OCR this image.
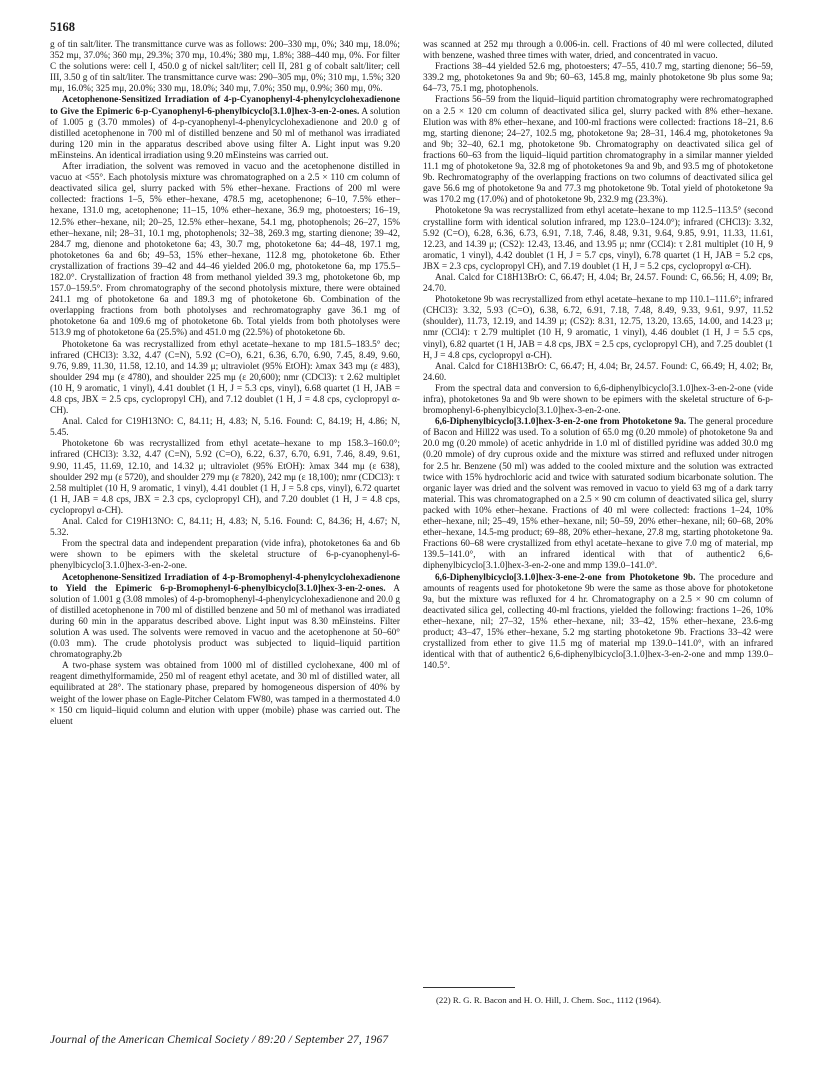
5168

g of tin salt/liter. The transmittance curve was as follows: 200–330 mμ, 0%; 340 mμ, 18.0%; 352 mμ, 37.0%; 360 mμ, 29.3%; 370 mμ, 10.4%; 380 mμ, 1.8%; 388–440 mμ, 0%. For filter C the solutions were: cell I, 450.0 g of nickel salt/liter; cell II, 281 g of cobalt salt/liter; cell III, 3.50 g of tin salt/liter. The transmittance curve was: 290–305 mμ, 0%; 310 mμ, 1.5%; 320 mμ, 16.0%; 325 mμ, 20.0%; 330 mμ, 18.0%; 340 mμ, 7.0%; 350 mμ, 0.9%; 360 mμ, 0%.

Acetophenone-Sensitized Irradiation of 4-p-Cyanophenyl-4-phenylcyclohexadienone to Give the Epimeric 6-p-Cyanophenyl-6-phenylbicyclo[3.1.0]hex-3-en-2-ones. A solution of 1.005 g (3.70 mmoles) of 4-p-cyanophenyl-4-phenylcyclohexadienone and 20.0 g of distilled acetophenone in 700 ml of distilled benzene and 50 ml of methanol was irradiated during 120 min in the apparatus described above using filter A. Light input was 9.20 mEinsteins. An identical irradiation using 9.20 mEinsteins was carried out.

After irradiation, the solvent was removed in vacuo and the acetophenone distilled in vacuo at <55°. Each photolysis mixture was chromatographed on a 2.5 × 110 cm column of deactivated silica gel, slurry packed with 5% ether–hexane. Fractions of 200 ml were collected: fractions 1–5, 5% ether–hexane, 478.5 mg, acetophenone; 6–10, 7.5% ether–hexane, 131.0 mg, acetophenone; 11–15, 10% ether–hexane, 36.9 mg, photoesters; 16–19, 12.5% ether–hexane, nil; 20–25, 12.5% ether–hexane, 54.1 mg, photophenols; 26–27, 15% ether–hexane, nil; 28–31, 10.1 mg, photophenols; 32–38, 269.3 mg, starting dienone; 39–42, 284.7 mg, dienone and photoketone 6a; 43, 30.7 mg, photoketone 6a; 44–48, 197.1 mg, photoketones 6a and 6b; 49–53, 15% ether–hexane, 112.8 mg, photoketone 6b. Ether crystallization of fractions 39–42 and 44–46 yielded 206.0 mg, photoketone 6a, mp 175.5–182.0°. Crystallization of fraction 48 from methanol yielded 39.3 mg, photoketone 6b, mp 157.0–159.5°. From chromatography of the second photolysis mixture, there were obtained 241.1 mg of photoketone 6a and 189.3 mg of photoketone 6b. Combination of the overlapping fractions from both photolyses and rechromatography gave 36.1 mg of photoketone 6a and 109.6 mg of photoketone 6b. Total yields from both photolyses were 513.9 mg of photoketone 6a (25.5%) and 451.0 mg (22.5%) of photoketone 6b.

Photoketone 6a was recrystallized from ethyl acetate–hexane to mp 181.5–183.5° dec; infrared (CHCl3): 3.32, 4.47 (C≡N), 5.92 (C=O), 6.21, 6.36, 6.70, 6.90, 7.45, 8.49, 9.60, 9.76, 9.89, 11.30, 11.58, 12.10, and 14.39 μ; ultraviolet (95% EtOH): λmax 343 mμ (ε 483), shoulder 294 mμ (ε 4780), and shoulder 225 mμ (ε 20,600); nmr (CDCl3): τ 2.62 multiplet (10 H, 9 aromatic, 1 vinyl), 4.41 doublet (1 H, J = 5.3 cps, vinyl), 6.68 quartet (1 H, JAB = 4.8 cps, JBX = 2.5 cps, cyclopropyl CH), and 7.12 doublet (1 H, J = 4.8 cps, cyclopropyl α-CH).

Anal. Calcd for C19H13NO: C, 84.11; H, 4.83; N, 5.16. Found: C, 84.19; H, 4.86; N, 5.45.

Photoketone 6b was recrystallized from ethyl acetate–hexane to mp 158.3–160.0°; infrared (CHCl3): 3.32, 4.47 (C≡N), 5.92 (C=O), 6.22, 6.37, 6.70, 6.91, 7.46, 8.49, 9.61, 9.90, 11.45, 11.69, 12.10, and 14.32 μ; ultraviolet (95% EtOH): λmax 344 mμ (ε 638), shoulder 292 mμ (ε 5720), and shoulder 279 mμ (ε 7820), 242 mμ (ε 18,100); nmr (CDCl3): τ 2.58 multiplet (10 H, 9 aromatic, 1 vinyl), 4.41 doublet (1 H, J = 5.8 cps, vinyl), 6.72 quartet (1 H, JAB = 4.8 cps, JBX = 2.3 cps, cyclopropyl CH), and 7.20 doublet (1 H, J = 4.8 cps, cyclopropyl α-CH).

Anal. Calcd for C19H13NO: C, 84.11; H, 4.83; N, 5.16. Found: C, 84.36; H, 4.67; N, 5.32.

From the spectral data and independent preparation (vide infra), photoketones 6a and 6b were shown to be epimers with the skeletal structure of 6-p-cyanophenyl-6-phenylbicyclo[3.1.0]hex-3-en-2-one.

Acetophenone-Sensitized Irradiation of 4-p-Bromophenyl-4-phenylcyclohexadienone to Yield the Epimeric 6-p-Bromophenyl-6-phenylbicyclo[3.1.0]hex-3-en-2-ones. A solution of 1.001 g (3.08 mmoles) of 4-p-bromophenyl-4-phenylcyclohexadienone and 20.0 g of distilled acetophenone in 700 ml of distilled benzene and 50 ml of methanol was irradiated during 60 min in the apparatus described above. Light input was 8.30 mEinsteins. Filter solution A was used. The solvents were removed in vacuo and the acetophenone at 50–60° (0.03 mm). The crude photolysis product was subjected to liquid–liquid partition chromatography.2b

A two-phase system was obtained from 1000 ml of distilled cyclohexane, 400 ml of reagent dimethylformamide, 250 ml of reagent ethyl acetate, and 30 ml of distilled water, all equilibrated at 28°. The stationary phase, prepared by homogeneous dispersion of 40% by weight of the lower phase on Eagle-Pitcher Celatom FW80, was tamped in a thermostated 4.0 × 150 cm liquid–liquid column and elution with upper (mobile) phase was carried out. The eluent

was scanned at 252 mμ through a 0.006-in. cell. Fractions of 40 ml were collected, diluted with benzene, washed three times with water, dried, and concentrated in vacuo.

Fractions 38–44 yielded 52.6 mg, photoesters; 47–55, 410.7 mg, starting dienone; 56–59, 339.2 mg, photoketones 9a and 9b; 60–63, 145.8 mg, mainly photoketone 9b plus some 9a; 64–73, 75.1 mg, photophenols.

Fractions 56–59 from the liquid–liquid partition chromatography were rechromatographed on a 2.5 × 120 cm column of deactivated silica gel, slurry packed with 8% ether–hexane. Elution was with 8% ether–hexane, and 100-ml fractions were collected: fractions 18–21, 8.6 mg, starting dienone; 24–27, 102.5 mg, photoketone 9a; 28–31, 146.4 mg, photoketones 9a and 9b; 32–40, 62.1 mg, photoketone 9b. Chromatography on deactivated silica gel of fractions 60–63 from the liquid–liquid partition chromatography in a similar manner yielded 11.1 mg of photoketone 9a, 32.8 mg of photoketones 9a and 9b, and 93.5 mg of photoketone 9b. Rechromatography of the overlapping fractions on two columns of deactivated silica gel gave 56.6 mg of photoketone 9a and 77.3 mg photoketone 9b. Total yield of photoketone 9a was 170.2 mg (17.0%) and of photoketone 9b, 232.9 mg (23.3%).

Photoketone 9a was recrystallized from ethyl acetate–hexane to mp 112.5–113.5° (second crystalline form with identical solution infrared, mp 123.0–124.0°); infrared (CHCl3): 3.32, 5.92 (C=O), 6.28, 6.36, 6.73, 6.91, 7.18, 7.46, 8.48, 9.31, 9.64, 9.85, 9.91, 11.33, 11.61, 12.23, and 14.39 μ; (CS2): 12.43, 13.46, and 13.95 μ; nmr (CCl4): τ 2.81 multiplet (10 H, 9 aromatic, 1 vinyl), 4.42 doublet (1 H, J = 5.7 cps, vinyl), 6.78 quartet (1 H, JAB = 5.2 cps, JBX = 2.3 cps, cyclopropyl CH), and 7.19 doublet (1 H, J = 5.2 cps, cyclopropyl α-CH).

Anal. Calcd for C18H13BrO: C, 66.47; H, 4.04; Br, 24.57. Found: C, 66.56; H, 4.09; Br, 24.70.

Photoketone 9b was recrystallized from ethyl acetate–hexane to mp 110.1–111.6°; infrared (CHCl3): 3.32, 5.93 (C=O), 6.38, 6.72, 6.91, 7.18, 7.48, 8.49, 9.33, 9.61, 9.97, 11.52 (shoulder), 11.73, 12.19, and 14.39 μ; (CS2): 8.31, 12.75, 13.20, 13.65, 14.00, and 14.23 μ; nmr (CCl4): τ 2.79 multiplet (10 H, 9 aromatic, 1 vinyl), 4.46 doublet (1 H, J = 5.5 cps, vinyl), 6.82 quartet (1 H, JAB = 4.8 cps, JBX = 2.5 cps, cyclopropyl CH), and 7.25 doublet (1 H, J = 4.8 cps, cyclopropyl α-CH).

Anal. Calcd for C18H13BrO: C, 66.47; H, 4.04; Br, 24.57. Found: C, 66.49; H, 4.02; Br, 24.60.

From the spectral data and conversion to 6,6-diphenylbicyclo[3.1.0]hex-3-en-2-one (vide infra), photoketones 9a and 9b were shown to be epimers with the skeletal structure of 6-p-bromophenyl-6-phenylbicyclo[3.1.0]hex-3-en-2-one.

6,6-Diphenylbicyclo[3.1.0]hex-3-en-2-one from Photoketone 9a. The general procedure of Bacon and Hill22 was used. To a solution of 65.0 mg (0.20 mmole) of photoketone 9a and 20.0 mg (0.20 mmole) of acetic anhydride in 1.0 ml of distilled pyridine was added 30.0 mg (0.20 mmole) of dry cuprous oxide and the mixture was stirred and refluxed under nitrogen for 2.5 hr. Benzene (50 ml) was added to the cooled mixture and the solution was extracted twice with 15% hydrochloric acid and twice with saturated sodium bicarbonate solution. The organic layer was dried and the solvent was removed in vacuo to yield 63 mg of a dark tarry material. This was chromatographed on a 2.5 × 90 cm column of deactivated silica gel, slurry packed with 10% ether–hexane. Fractions of 40 ml were collected: fractions 1–24, 10% ether–hexane, nil; 25–49, 15% ether–hexane, nil; 50–59, 20% ether–hexane, nil; 60–68, 20% ether–hexane, 14.5-mg product; 69–88, 20% ether–hexane, 27.8 mg, starting photoketone 9a. Fractions 60–68 were crystallized from ethyl acetate–hexane to give 7.0 mg of material, mp 139.5–141.0°, with an infrared identical with that of authentic2 6,6-diphenylbicyclo[3.1.0]hex-3-en-2-one and mmp 139.0–141.0°.

6,6-Diphenylbicyclo[3.1.0]hex-3-ene-2-one from Photoketone 9b. The procedure and amounts of reagents used for photoketone 9b were the same as those above for photoketone 9a, but the mixture was refluxed for 4 hr. Chromatography on a 2.5 × 90 cm column of deactivated silica gel, collecting 40-ml fractions, yielded the following: fractions 1–26, 10% ether–hexane, nil; 27–32, 15% ether–hexane, nil; 33–42, 15% ether–hexane, 23.6-mg product; 43–47, 15% ether–hexane, 5.2 mg starting photoketone 9b. Fractions 33–42 were crystallized from ether to give 11.5 mg of material mp 139.0–141.0°, with an infrared identical with that of authentic2 6,6-diphenylbicyclo[3.1.0]hex-3-en-2-one and mmp 139.0–140.5°.

(22) R. G. R. Bacon and H. O. Hill, J. Chem. Soc., 1112 (1964).
Journal of the American Chemical Society / 89:20 / September 27, 1967
